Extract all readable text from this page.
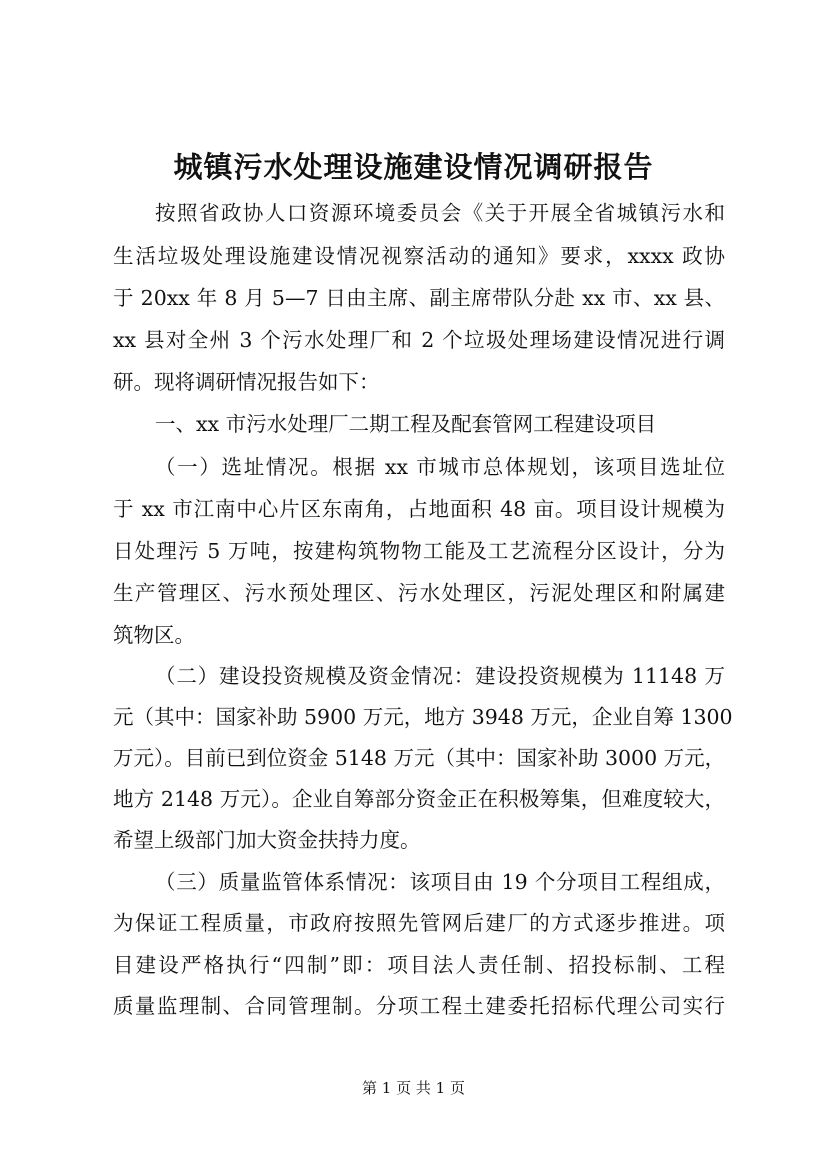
城镇污水处理设施建设情况调研报告
按照省政协人口资源环境委员会《关于开展全省城镇污水和
生活垃圾处理设施建设情况视察活动的通知》要求，xxxx 政协
于 20xx 年 8 月 5—7 日由主席、副主席带队分赴 xx 市、xx 县、
xx 县对全州 3 个污水处理厂和 2 个垃圾处理场建设情况进行调
研。现将调研情况报告如下：
一、xx 市污水处理厂二期工程及配套管网工程建设项目
（一）选址情况。根据 xx 市城市总体规划，该项目选址位
于 xx 市江南中心片区东南角，占地面积 48 亩。项目设计规模为
日处理污 5 万吨，按建构筑物物工能及工艺流程分区设计，分为
生产管理区、污水预处理区、污水处理区，污泥处理区和附属建
筑物区。
（二）建设投资规模及资金情况：建设投资规模为 11148 万
元（其中：国家补助 5900 万元，地方 3948 万元，企业自筹 1300
万元）。目前已到位资金 5148 万元（其中：国家补助 3000 万元，
地方 2148 万元）。企业自筹部分资金正在积极筹集，但难度较大，
希望上级部门加大资金扶持力度。
（三）质量监管体系情况：该项目由 19 个分项目工程组成，
为保证工程质量，市政府按照先管网后建厂的方式逐步推进。项
目建设严格执行“四制”即：项目法人责任制、招投标制、工程
质量监理制、合同管理制。分项工程土建委托招标代理公司实行
第 1 页 共 1 页
